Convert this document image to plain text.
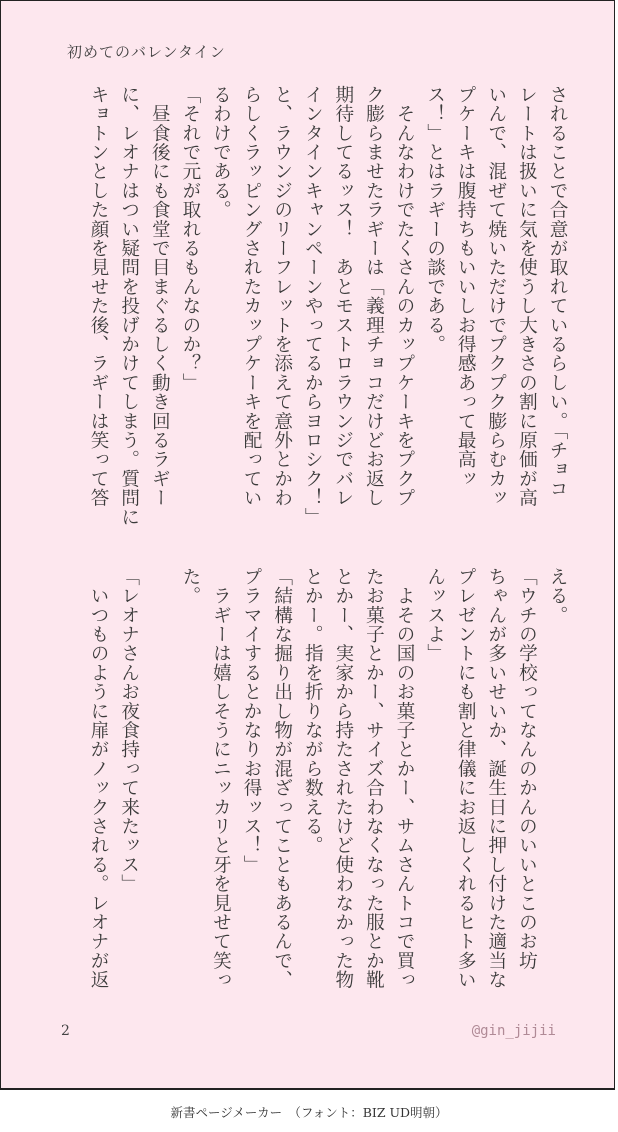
初めてのバレンタイン
されることで合意が取れているらしい。「チョコ
レートは扱いに気を使うし大きさの割に原価が高
いんで、混ぜて焼いただけでプクプク膨らむカッ
プケーキは腹持ちもいいしお得感あって最高ッ
ス！」とはラギーの談である。
　そんなわけでたくさんのカップケーキをプクプ
ク膨らませたラギーは「義理チョコだけどお返し
期待してるッス！　あとモストロラウンジでバレ
インタインキャンペーンやってるからヨロシク！」
と、ラウンジのリーフレットを添えて意外とかわ
らしくラッピングされたカップケーキを配ってい
るわけである。
「それで元が取れるもんなのか？」
　昼食後にも食堂で目まぐるしく動き回るラギー
に、レオナはつい疑問を投げかけてしまう。質問に
キョトンとした顔を見せた後、ラギーは笑って答
える。
「ウチの学校ってなんのかんのいいとこのお坊
ちゃんが多いせいか、誕生日に押し付けた適当な
プレゼントにも割と律儀にお返しくれるヒト多い
んッスよ」
　よその国のお菓子とかー、サムさんトコで買っ
たお菓子とかー、サイズ合わなくなった服とか靴
とかー、実家から持たされたけど使わなかった物
とかー。指を折りながら数える。
「結構な掘り出し物が混ざってこともあるんで、
プラマイするとかなりお得ッス！」
　ラギーは嬉しそうにニッカリと牙を見せて笑っ
た。

「レオナさんお夜食持って来たッス」
　いつものように扉がノックされる。レオナが返
2	@gin_jijii
新書ページメーカー　（フォント：BIZ UD明朝）
